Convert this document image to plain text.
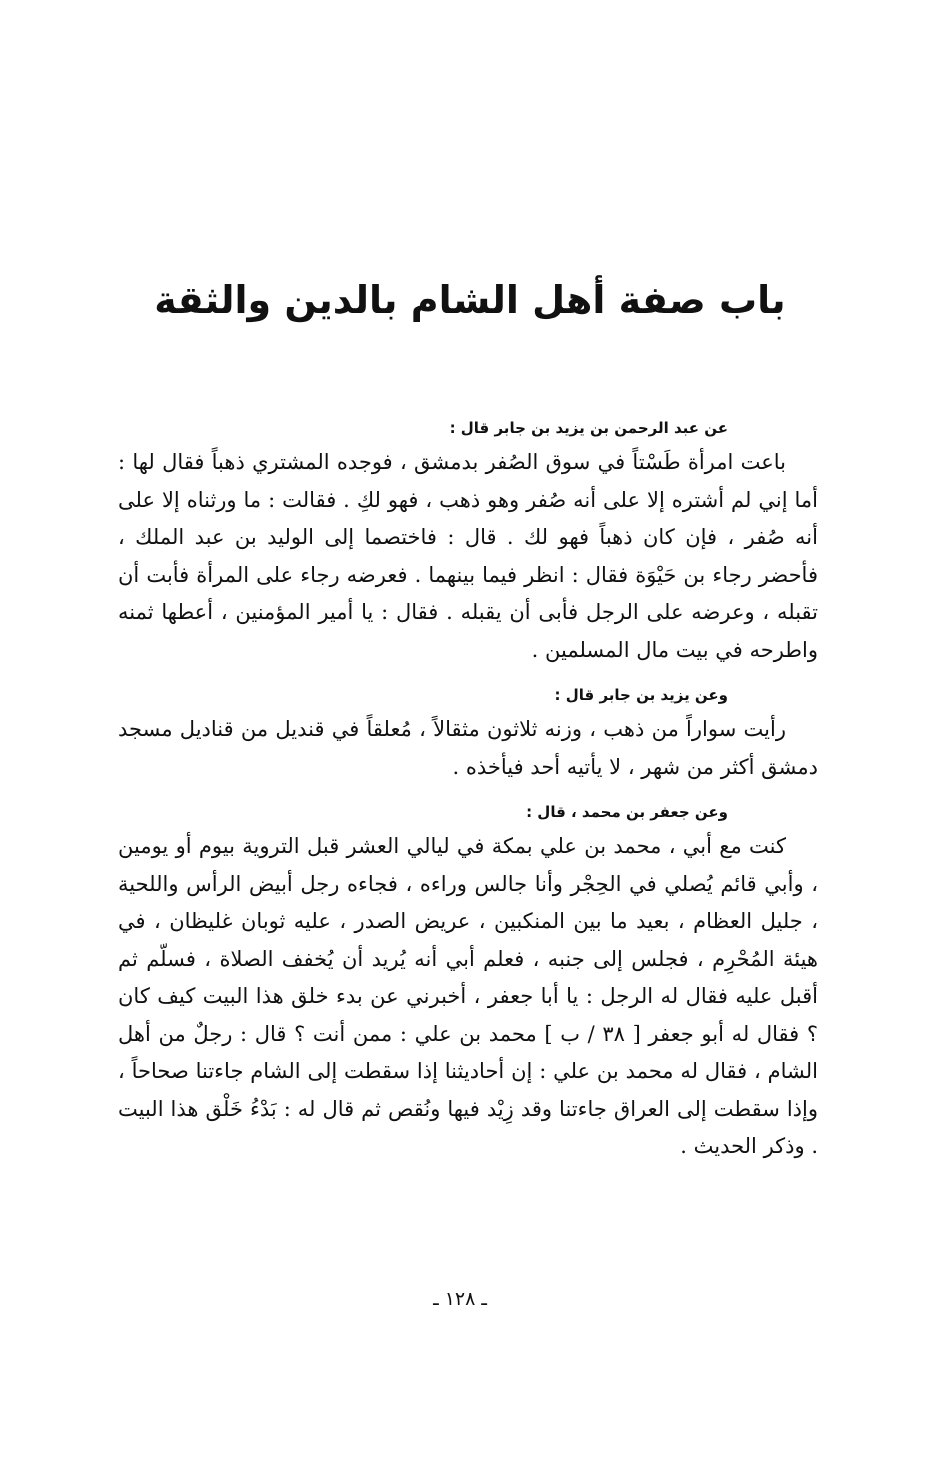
باب صفة أهل الشام بالدين والثقة

عن عبد الرحمن بن يزيد بن جابر قال :

باعت امرأة طَسْتاً في سوق الصُفر بدمشق ، فوجده المشتري ذهباً فقال لها : أما إني لم أشتره إلا على أنه صُفر وهو ذهب ، فهو لكِ . فقالت : ما ورثناه إلا على أنه صُفر ، فإن كان ذهباً فهو لك . قال : فاختصما إلى الوليد بن عبد الملك ، فأحضر رجاء بن حَيْوَة فقال : انظر فيما بينهما . فعرضه رجاء على المرأة فأبت أن تقبله ، وعرضه على الرجل فأبى أن يقبله . فقال : يا أمير المؤمنين ، أعطها ثمنه واطرحه في بيت مال المسلمين .

وعن يزيد بن جابر قال :

رأيت سواراً من ذهب ، وزنه ثلاثون مثقالاً ، مُعلقاً في قنديل من قناديل مسجد دمشق أكثر من شهر ، لا يأتيه أحد فيأخذه .

وعن جعفر بن محمد ، قال :

كنت مع أبي ، محمد بن علي بمكة في ليالي العشر قبل التروية بيوم أو يومين ، وأبي قائم يُصلي في الحِجْر وأنا جالس وراءه ، فجاءه رجل أبيض الرأس واللحية ، جليل العظام ، بعيد ما بين المنكبين ، عريض الصدر ، عليه ثوبان غليظان ، في هيئة المُحْرِم ، فجلس إلى جنبه ، فعلم أبي أنه يُريد أن يُخفف الصلاة ، فسلّم ثم أقبل عليه فقال له الرجل : يا أبا جعفر ، أخبرني عن بدء خلق هذا البيت كيف كان ؟ فقال له أبو جعفر [ ٣٨ / ب ] محمد بن علي : ممن أنت ؟ قال : رجلٌ من أهل الشام ، فقال له محمد بن علي : إن أحاديثنا إذا سقطت إلى الشام جاءتنا صحاحاً ، وإذا سقطت إلى العراق جاءتنا وقد زِيْد فيها ونُقص ثم قال له : بَدْءُ خَلْق هذا البيت . وذكر الحديث .

ـ ١٢٨ ـ
